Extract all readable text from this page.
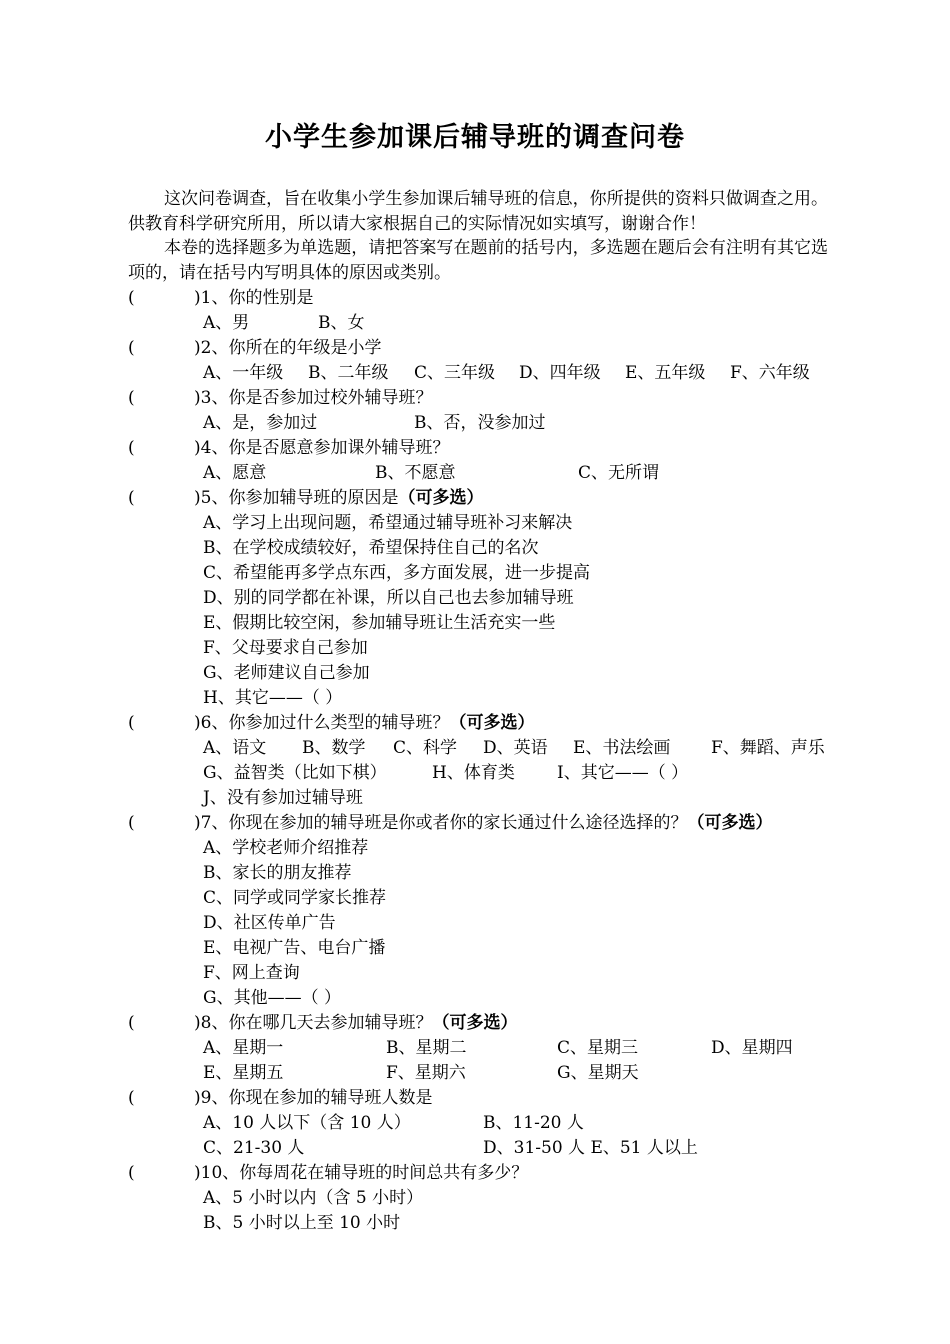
小学生参加课后辅导班的调查问卷

这次问卷调查，旨在收集小学生参加课后辅导班的信息，你所提供的资料只做调查之用。供教育科学研究所用，所以请大家根据自己的实际情况如实填写，谢谢合作！

本卷的选择题多为单选题，请把答案写在题前的括号内，多选题在题后会有注明有其它选项的，请在括号内写明具体的原因或类别。

(	)1、你的性别是
A、男	B、女
(	)2、你所在的年级是小学
A、一年级 B、二年级 C、三年级 D、四年级 E、五年级 F、六年级
(	)3、你是否参加过校外辅导班？
A、是，参加过	B、否，没参加过
(	)4、你是否愿意参加课外辅导班？
A、愿意	B、不愿意	C、无所谓
(	)5、你参加辅导班的原因是（可多选）
A、学习上出现问题，希望通过辅导班补习来解决
B、在学校成绩较好，希望保持住自己的名次
C、希望能再多学点东西，多方面发展，进一步提高
D、别的同学都在补课，所以自己也去参加辅导班
E、假期比较空闲，参加辅导班让生活充实一些
F、父母要求自己参加
G、老师建议自己参加
H、其它——（ ）
(	)6、你参加过什么类型的辅导班？（可多选）
A、语文 B、数学 C、科学 D、英语 E、书法绘画 F、舞蹈、声乐
G、益智类（比如下棋）	H、体育类 I、其它——（ ）
J、没有参加过辅导班
(	)7、你现在参加的辅导班是你或者你的家长通过什么途径选择的？（可多选）
A、学校老师介绍推荐
B、家长的朋友推荐
C、同学或同学家长推荐
D、社区传单广告
E、电视广告、电台广播
F、网上查询
G、其他——（ ）
(	)8、你在哪几天去参加辅导班？（可多选）
A、星期一	B、星期二	C、星期三	D、星期四
E、星期五	F、星期六	G、星期天
(	)9、你现在参加的辅导班人数是
A、10 人以下（含 10 人）	B、11-20 人
C、21-30 人	D、31-50 人 E、51 人以上
(	)10、你每周花在辅导班的时间总共有多少？
A、5 小时以内（含 5 小时）
B、5 小时以上至 10 小时
